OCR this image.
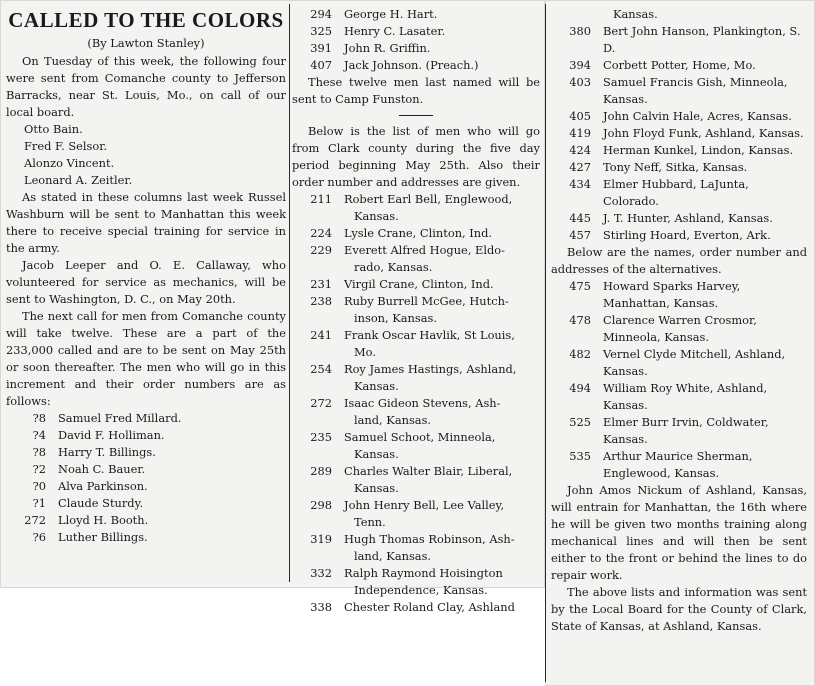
CALLED TO THE COLORS
(By Lawton Stanley)

On Tuesday of this week, the following four were sent from Comanche county to Jefferson Barracks, near St. Louis, Mo., on call of our local board.

Otto Bain.
Fred F. Selsor.
Alonzo Vincent.
Leonard A. Zeitler.

As stated in these columns last week Russel Washburn will be sent to Manhattan this week there to receive special training for service in the army.

Jacob Leeper and O. E. Callaway, who volunteered for service as mechanics, will be sent to Washington, D. C., on May 20th.

The next call for men from Comanche county will take twelve. These are a part of the 233,000 called and are to be sent on May 25th or soon thereafter. The men who will go in this increment and their order numbers are as follows:

?8	Samuel Fred Millard.
?4	David F. Holliman.
?8	Harry T. Billings.
?2	Noah C. Bauer.
?0	Alva Parkinson.
?1	Claude Sturdy.
272	Lloyd H. Booth.
?6	Luther Billings.
294	George H. Hart.
325	Henry C. Lasater.
391	John R. Griffin.
407	Jack Johnson. (Preach.)

These twelve men last named will be sent to Camp Funston.

Below is the list of men who will go from Clark county during the five day period beginning May 25th. Also their order number and addresses are given.

211	Robert Earl Bell, Englewood,
Kansas.
224	Lysle Crane, Clinton, Ind.
229	Everett Alfred Hogue, Eldo-
rado, Kansas.
231	Virgil Crane, Clinton, Ind.
238	Ruby Burrell McGee, Hutch-
inson, Kansas.
241	Frank Oscar Havlik, St Louis,
Mo.
254	Roy James Hastings, Ashland,
Kansas.
272	Isaac Gideon Stevens, Ash-
land, Kansas.
235	Samuel Schoot, Minneola,
Kansas.
289	Charles Walter Blair, Liberal,
Kansas.
298	John Henry Bell, Lee Valley,
Tenn.
319	Hugh Thomas Robinson, Ash-
land, Kansas.
332	Ralph Raymond Hoisington
Independence, Kansas.
338	Chester Roland Clay, Ashland
Kansas.
380	Bert John Hanson, Plankington, S. D.
394	Corbett Potter, Home, Mo.
403	Samuel Francis Gish, Minneola, Kansas.
405	John Calvin Hale, Acres, Kansas.
419	John Floyd Funk, Ashland, Kansas.
424	Herman Kunkel, Lindon, Kansas.
427	Tony Neff, Sitka, Kansas.
434	Elmer Hubbard, LaJunta, Colorado.
445	J. T. Hunter, Ashland, Kansas.
457	Stirling Hoard, Everton, Ark.

Below are the names, order number and addresses of the alternatives.

475	Howard Sparks Harvey, Manhattan, Kansas.
478	Clarence Warren Crosmor, Minneola, Kansas.
482	Vernel Clyde Mitchell, Ashland, Kansas.
494	William Roy White, Ashland, Kansas.
525	Elmer Burr Irvin, Coldwater, Kansas.
535	Arthur Maurice Sherman, Englewood, Kansas.

John Amos Nickum of Ashland, Kansas, will entrain for Manhattan, the 16th where he will be given two months training along mechanical lines and will then be sent either to the front or behind the lines to do repair work.

The above lists and information was sent by the Local Board for the County of Clark, State of Kansas, at Ashland, Kansas.
